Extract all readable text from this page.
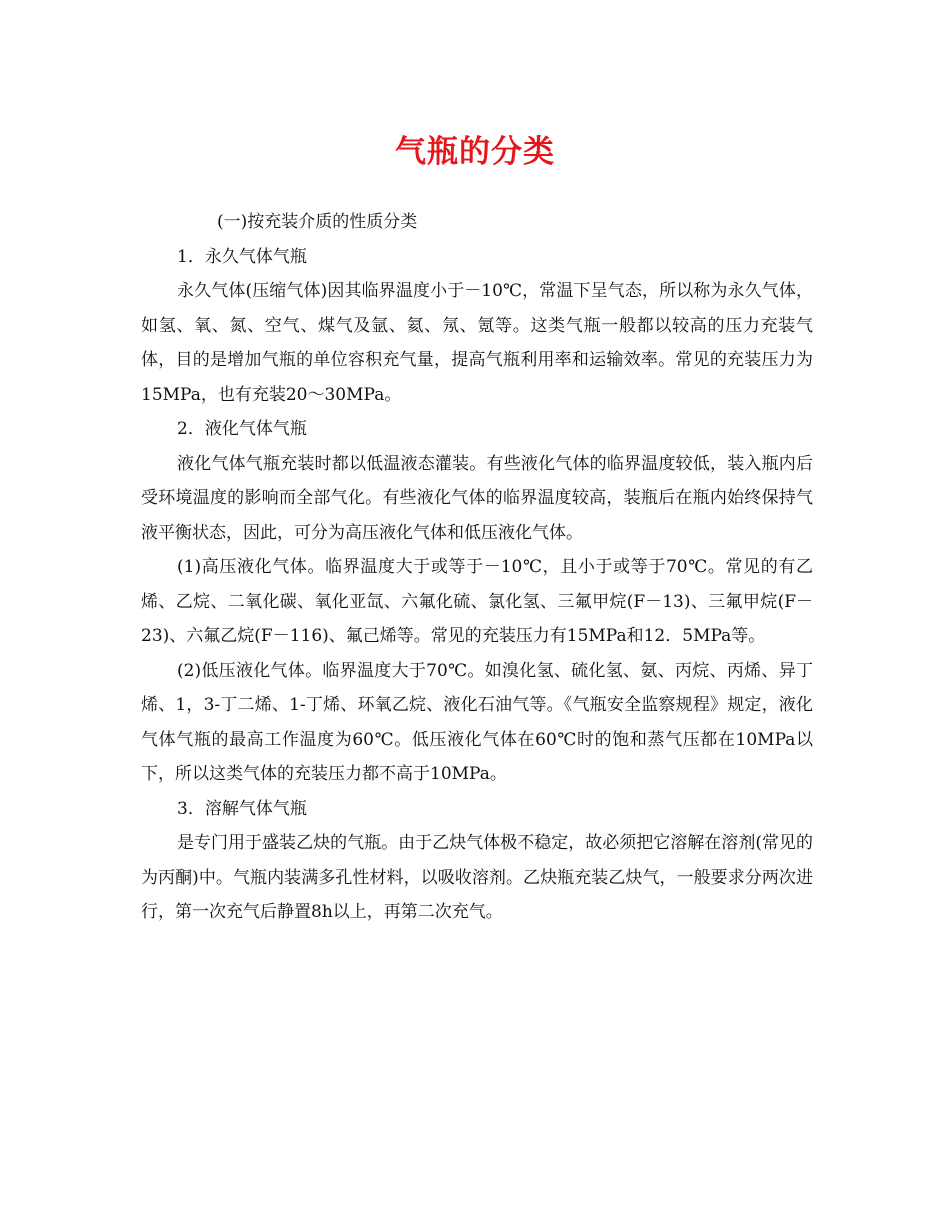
气瓶的分类

(一)按充装介质的性质分类

1．永久气体气瓶

永久气体(压缩气体)因其临界温度小于－10℃，常温下呈气态，所以称为永久气体，如氢、氧、氮、空气、煤气及氩、氦、氖、氪等。这类气瓶一般都以较高的压力充装气体，目的是增加气瓶的单位容积充气量，提高气瓶利用率和运输效率。常见的充装压力为15MPa，也有充装20～30MPa。

2．液化气体气瓶

液化气体气瓶充装时都以低温液态灌装。有些液化气体的临界温度较低，装入瓶内后受环境温度的影响而全部气化。有些液化气体的临界温度较高，装瓶后在瓶内始终保持气液平衡状态，因此，可分为高压液化气体和低压液化气体。

(1)高压液化气体。临界温度大于或等于－10℃，且小于或等于70℃。常见的有乙烯、乙烷、二氧化碳、氧化亚氙、六氟化硫、氯化氢、三氟甲烷(F－13)、三氟甲烷(F－23)、六氟乙烷(F－116)、氟己烯等。常见的充装压力有15MPa和12．5MPa等。

(2)低压液化气体。临界温度大于70℃。如溴化氢、硫化氢、氨、丙烷、丙烯、异丁烯、1，3-丁二烯、1-丁烯、环氧乙烷、液化石油气等。《气瓶安全监察规程》规定，液化气体气瓶的最高工作温度为60℃。低压液化气体在60℃时的饱和蒸气压都在10MPa以下，所以这类气体的充装压力都不高于10MPa。

3．溶解气体气瓶

是专门用于盛装乙炔的气瓶。由于乙炔气体极不稳定，故必须把它溶解在溶剂(常见的为丙酮)中。气瓶内装满多孔性材料，以吸收溶剂。乙炔瓶充装乙炔气，一般要求分两次进行，第一次充气后静置8h以上，再第二次充气。
